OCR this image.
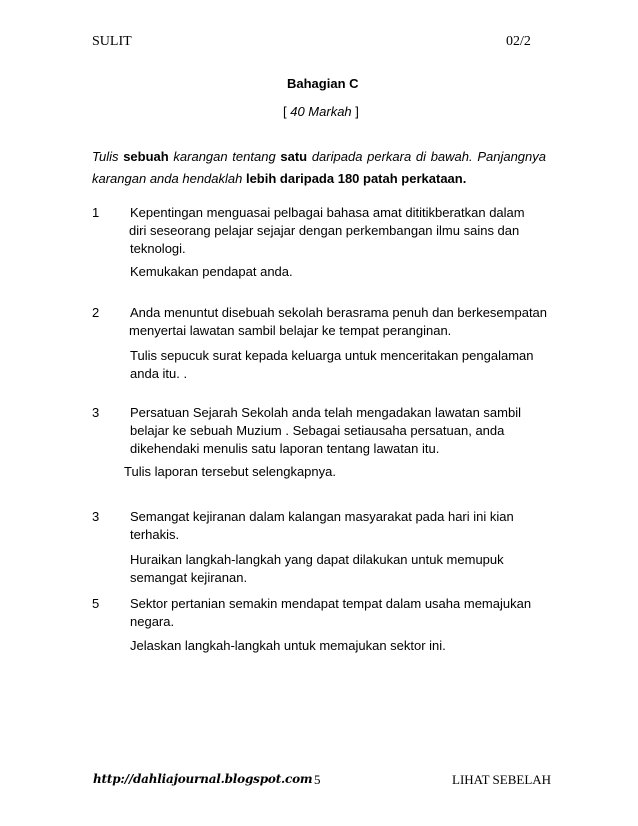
SULIT	02/2
Bahagian C
[ 40 Markah ]
Tulis sebuah karangan tentang satu daripada perkara di bawah. Panjangnya
karangan anda hendaklah lebih daripada 180 patah perkataan.
1 Kepentingan menguasai pelbagai bahasa amat dititikberatkan dalam
diri seseorang pelajar sejajar dengan perkembangan ilmu sains dan
teknologi.
Kemukakan pendapat anda.
2 Anda menuntut disebuah sekolah berasrama penuh dan berkesempatan
menyertai lawatan sambil belajar ke tempat peranginan.
Tulis sepucuk surat kepada keluarga untuk menceritakan pengalaman
anda itu. .
3 Persatuan Sejarah Sekolah anda telah mengadakan lawatan sambil
belajar ke sebuah Muzium . Sebagai setiausaha persatuan, anda
dikehendaki menulis satu laporan tentang lawatan itu.
Tulis laporan tersebut selengkapnya.
3 Semangat kejiranan dalam kalangan masyarakat pada hari ini kian
terhakis.
Huraikan langkah-langkah yang dapat dilakukan untuk memupuk
semangat kejiranan.
5 Sektor pertanian semakin mendapat tempat dalam usaha memajukan
negara.
Jelaskan langkah-langkah untuk memajukan sektor ini.
http://dahliajournal.blogspot.com 5	LIHAT SEBELAH
